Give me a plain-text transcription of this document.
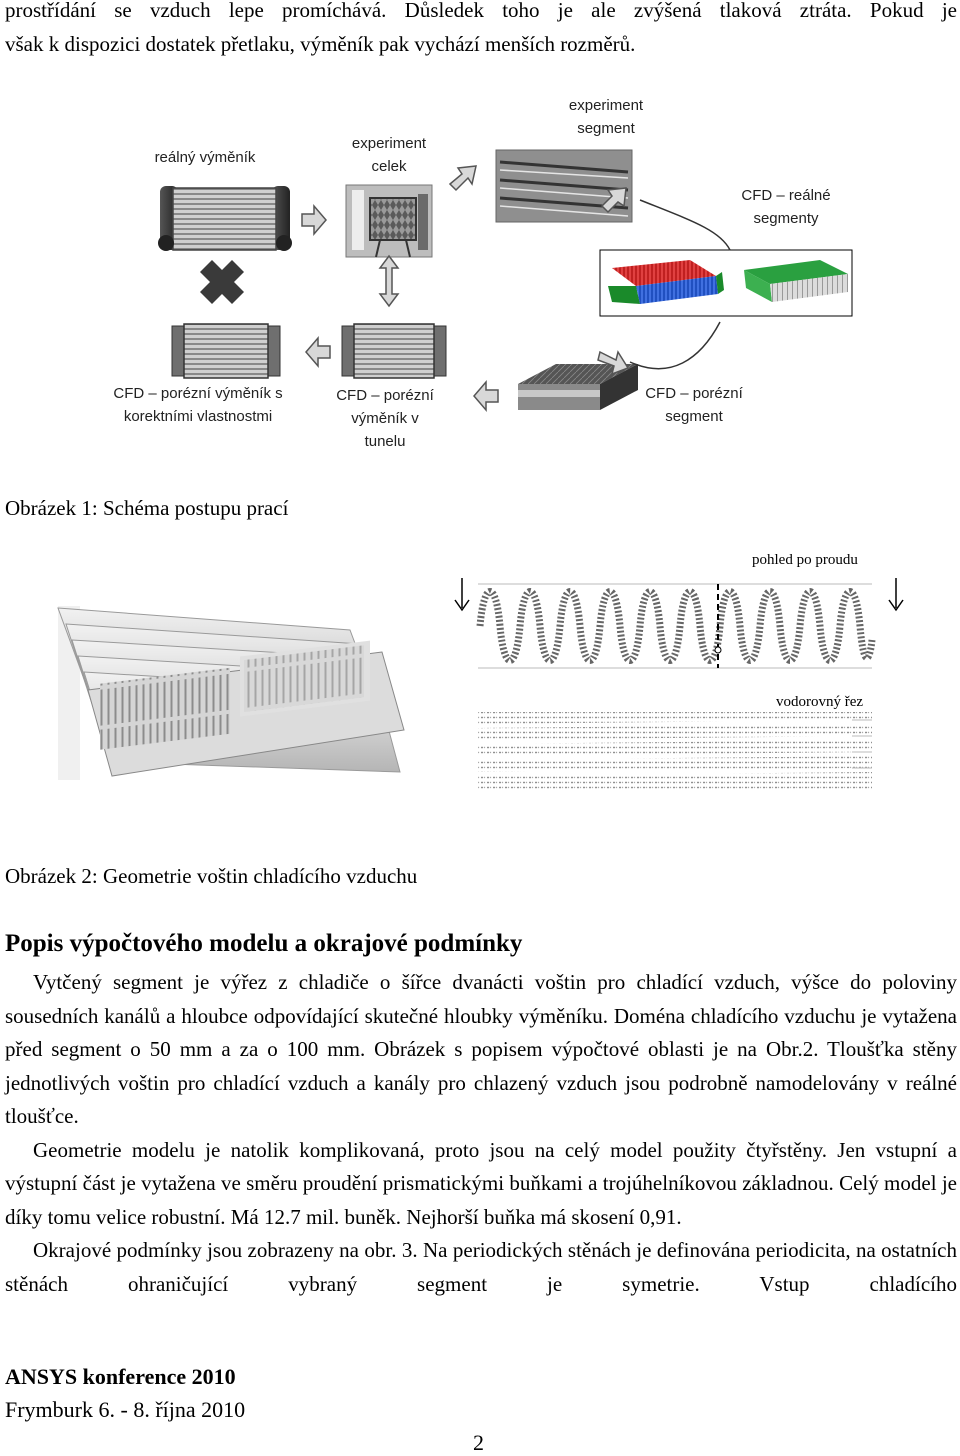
prostřídání se vzduch lepe promíchává. Důsledek toho je ale zvýšená tlaková ztráta. Pokud je
však k dispozici dostatek přetlaku, výměník pak vychází menších rozměrů.
reálný výměník
experiment celek
experiment segment
CFD – reálné segmenty
CFD – porézní výměník s korektními vlastnostmi
CFD – porézní výměník v tunelu
CFD – porézní segment
Obrázek 1: Schéma postupu prací
pohled po proudu
vodorovný řez
Obrázek 2: Geometrie voštin chladícího vzduchu
Popis výpočtového modelu a okrajové podmínky

Vytčený segment je výřez z chladiče o šířce dvanácti voštin pro chladící vzduch, výšce do poloviny sousedních kanálů a hloubce odpovídající skutečné hloubky výměníku. Doména chladícího vzduchu je vytažena před segment o 50 mm a za o 100 mm. Obrázek s popisem výpočtové oblasti je na Obr.2. Tloušťka stěny jednotlivých voštin pro chladící vzduch a kanály pro chlazený vzduch jsou podrobně namodelovány v reálné tloušťce.

Geometrie modelu je natolik komplikovaná, proto jsou na celý model použity čtyřstěny. Jen vstupní a výstupní část je vytažena ve směru proudění prismatickými buňkami a trojúhelníkovou základnou. Celý model je díky tomu velice robustní. Má 12.7 mil. buněk. Nejhorší buňka má skosení 0,91.

Okrajové podmínky jsou zobrazeny na obr. 3. Na periodických stěnách je definována periodicita, na ostatních stěnách ohraničující vybraný segment je symetrie. Vstup chladícího

ANSYS konference 2010
Frymburk 6. - 8. října 2010
2
